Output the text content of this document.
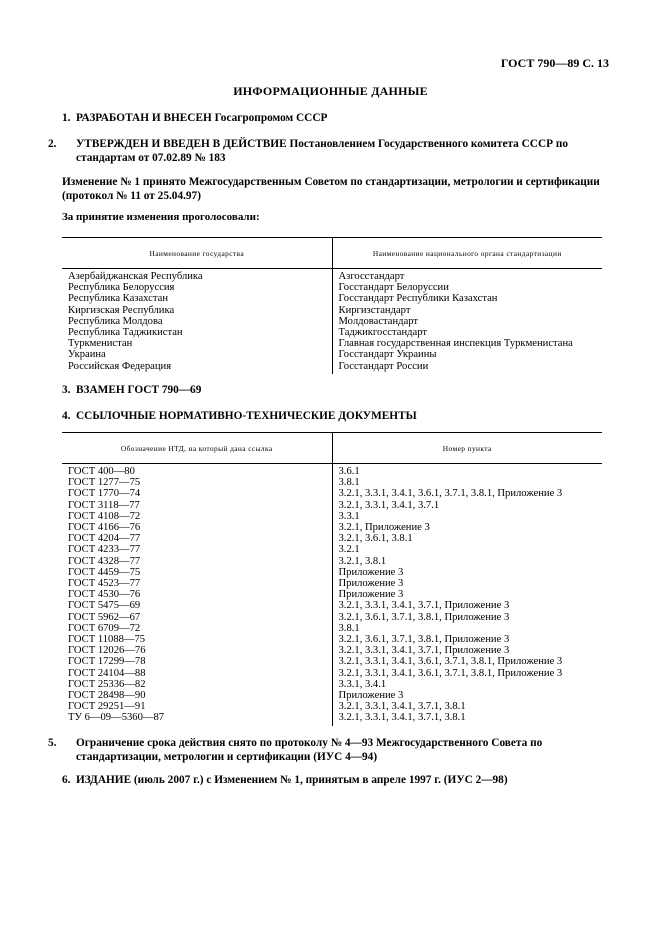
ГОСТ 790—89 С. 13
ИНФОРМАЦИОННЫЕ ДАННЫЕ
1. РАЗРАБОТАН И ВНЕСЕН Госагропромом СССР
2. УТВЕРЖДЕН И ВВЕДЕН В ДЕЙСТВИЕ Постановлением Государственного комитета СССР по стандартам от 07.02.89 № 183
Изменение № 1 принято Межгосударственным Советом по стандартизации, метрологии и сертификации (протокол № 11 от 25.04.97)
За принятие изменения проголосовали:
Наименование государства	Наименование национального органа стандартизации
Азербайджанская Республика	Азгосстандарт
Республика Белоруссия	Госстандарт Белоруссии
Республика Казахстан	Госстандарт Республики Казахстан
Киргизская Республика	Киргизстандарт
Республика Молдова	Молдовастандарт
Республика Таджикистан	Таджикгосстандарт
Туркменистан	Главная государственная инспекция Туркменистана
Украина	Госстандарт Украины
Российская Федерация	Госстандарт России
3. ВЗАМЕН ГОСТ 790—69
4. ССЫЛОЧНЫЕ НОРМАТИВНО-ТЕХНИЧЕСКИЕ ДОКУМЕНТЫ
Обозначение НТД, на который дана ссылка	Номер пункта
ГОСТ 400—80	3.6.1
ГОСТ 1277—75	3.8.1
ГОСТ 1770—74	3.2.1, 3.3.1, 3.4.1, 3.6.1, 3.7.1, 3.8.1, Приложение 3
ГОСТ 3118—77	3.2.1, 3.3.1, 3.4.1, 3.7.1
ГОСТ 4108—72	3.3.1
ГОСТ 4166—76	3.2.1, Приложение 3
ГОСТ 4204—77	3.2.1, 3.6.1, 3.8.1
ГОСТ 4233—77	3.2.1
ГОСТ 4328—77	3.2.1, 3.8.1
ГОСТ 4459—75	Приложение 3
ГОСТ 4523—77	Приложение 3
ГОСТ 4530—76	Приложение 3
ГОСТ 5475—69	3.2.1, 3.3.1, 3.4.1, 3.7.1, Приложение 3
ГОСТ 5962—67	3.2.1, 3.6.1, 3.7.1, 3.8.1, Приложение 3
ГОСТ 6709—72	3.8.1
ГОСТ 11088—75	3.2.1, 3.6.1, 3.7.1, 3.8.1, Приложение 3
ГОСТ 12026—76	3.2.1, 3.3.1, 3.4.1, 3.7.1, Приложение 3
ГОСТ 17299—78	3.2.1, 3.3.1, 3.4.1, 3.6.1, 3.7.1, 3.8.1, Приложение 3
ГОСТ 24104—88	3.2.1, 3.3.1, 3.4.1, 3.6.1, 3.7.1, 3.8.1, Приложение 3
ГОСТ 25336—82	3.3.1, 3.4.1
ГОСТ 28498—90	Приложение 3
ГОСТ 29251—91	3.2.1, 3.3.1, 3.4.1, 3.7.1, 3.8.1
ТУ 6—09—5360—87	3.2.1, 3.3.1, 3.4.1, 3.7.1, 3.8.1
5. Ограничение срока действия снято по протоколу № 4—93 Межгосударственного Совета по стандартизации, метрологии и сертификации (ИУС 4—94)
6. ИЗДАНИЕ (июль 2007 г.) с Изменением № 1, принятым в апреле 1997 г. (ИУС 2—98)
